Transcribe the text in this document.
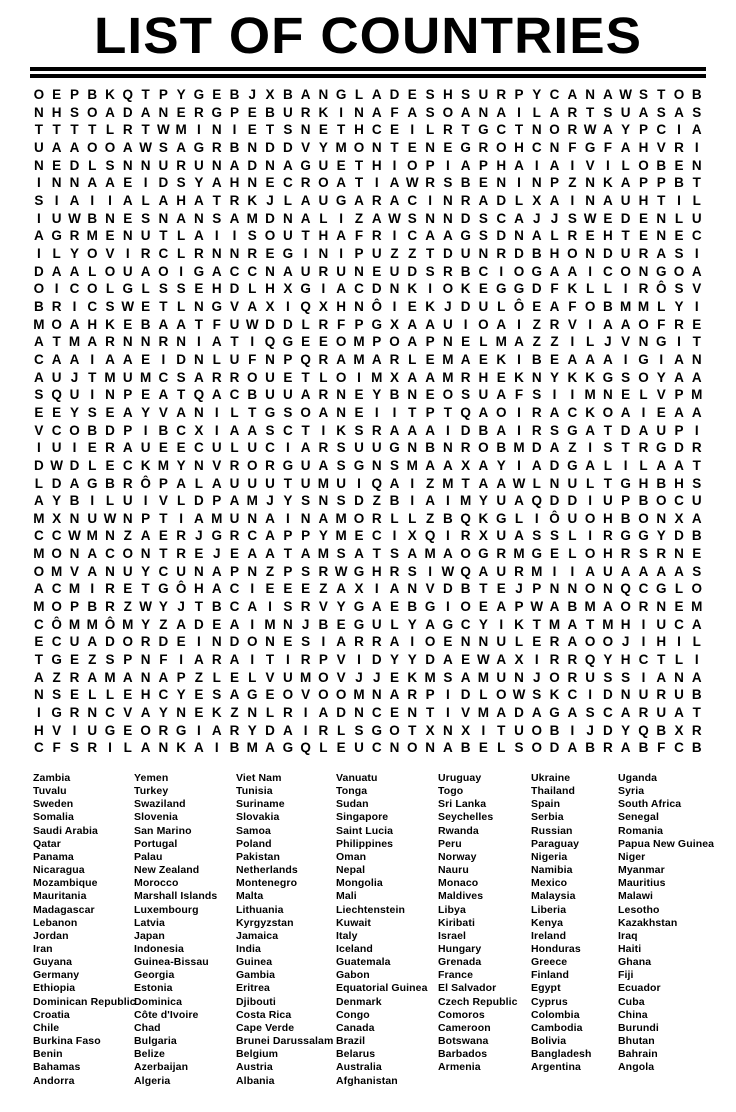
LIST OF COUNTRIES
O E P B K Q T P Y G E B J X B A N G L A D E S H S U R P Y C A N A W S T O B
N H S O A D A N E R G P E B U R K I N A F A S O A N A I L A R T S U A S A S
T T T T L R T W M I N I E T S N E T H C E I L R T G C T N O R W A Y P C I A
U A A O O A W S A G R B N D D V Y M O N T E N E G R O H C N F G F A H V R I
N E D L S N N U R U N A D N A G U E T H I O P I A P H A I A I V I L O B E N
I N N A A E I D S Y A H N E C R O A T I A W R S B E N I N P Z N K A P P B T
S I A I	I A L A H A T R K J L A U G A R A C I N R A D L X A I N A U H T I L
I U W B N E S N A N S A M D N A L I Z A W S N N D S C A J J S W E D E N L U
A G R M E N U T L A I	I S O U T H A F R I C A A G S D N A L R E H T E N E C
I L Y O V I R C L R N N R E G I N I P U Z Z T D U N R D B H O N D U R A S I
D A A L O U A O I G A C C N A U R U N E U D S R B C I O G A A I C O N G O A
O I C O L G L S S E H D L H X G I A C D N K I O K E G G D F K L L I R Ô S V
B R I C S W E T L N G V A X I Q X H N Ô I E K J D U L Ô E A F O B M M L Y I
M O A H K E B A A T F U W D D L R F P G X A A U I O A I Z R V I A A O F R E
A T M A R N N R N I A T I Q G E E O M P O A P N E L M A Z Z I L J V N G I T
C A A I A A E I D N L U F N P Q R A M A R L E M A E K I B E A A A I G I A N
A U J T M U M C S A R R O U E T L O I M X A A M R H E K N Y K K G S O Y A A
S Q U I N P E A T Q A C B U U A R N E Y B N E O S U A F S I	I M N E L V P M
E E Y S E A Y V A N I L T G S O A N E I	I T P T Q A O I R A C K O A I E A A
V C O B D P I B C X I A A S C T I K S R A A A I D B A I R S G A T D A U P I
I U I E R A U E E C U L U C I A R S U U G N B N R O B M D A Z I S T R G D R
D W D L E C K M Y N V R O R G U A S G N S M A A X A Y I A D G A L I L A A T
L D A G B R Ô P A L A U U U T U M U I Q A I Z M T A A W L N U L T G H B H S
A Y B I L U I V L D P A M J Y S N S D Z B I A I M Y U A Q D D I U P B O C U
M X N U W N P T I A M U N A I N A M O R L L Z B Q K G L I Ô U O H B O N X A
C C W M N Z A E R J G R C A P P Y M E C I X Q I R X U A S S L I R G G Y D B
M O N A C O N T R E J E A A T A M S A T S A M A O G R M G E L O H R S R N E
O M V A N U Y C U N A P N Z P S R W G H R S I W Q A U R M I	I A U A A A A S
A C M I R E T G Ô H A C I E E E Z A X I A N V D B T E J P N N O N Q C G L O
M O P B R Z W Y J T B C A I S R V Y G A E B G I O E A P W A B M A O R N E M
C Ô M M Ô M Y Z A D E A I M N J B E G U L Y A G C Y I K T M A T M H I U C A
E C U A D O R D E I N D O N E S I A R R A I O E N N U L E R A O O J I H I L
T G E Z S P N F I A R A I T I R P V I D Y Y D A E W A X I R R Q Y H C T L I
A Z R A M A N A P Z L E L V U M O V J J E K M S A M U N J O R U S S I A N A
N S E L L E H C Y E S A G E O V O O M N A R P I D L O W S K C I D N U R U B
I G R N C V A Y N E K Z N L R I A D N C E N T I V M A D A G A S C A R U A T
H V I U G E O R G I A R Y D A I R L S G O T X N X I T U O B I J D Y Q B X R
C F S R I L A N K A I B M A G Q L E U C N O N A B E L S O D A B R A B F C B
Zambia
Tuvalu
Sweden
Somalia
Saudi Arabia
Qatar
Panama
Nicaragua
Mozambique
Mauritania
Madagascar
Lebanon
Jordan
Iran
Guyana
Germany
Ethiopia
Dominican Republic
Croatia
Chile
Burkina Faso
Benin
Bahamas
Andorra
Yemen
Turkey
Swaziland
Slovenia
San Marino
Portugal
Palau
New Zealand
Morocco
Marshall Islands
Luxembourg
Latvia
Japan
Indonesia
Guinea-Bissau
Georgia
Estonia
Dominica
Côte d'Ivoire
Chad
Bulgaria
Belize
Azerbaijan
Algeria
Viet Nam
Tunisia
Suriname
Slovakia
Samoa
Poland
Pakistan
Netherlands
Montenegro
Malta
Lithuania
Kyrgyzstan
Jamaica
India
Guinea
Gambia
Eritrea
Djibouti
Costa Rica
Cape Verde
Brunei Darussalam
Belgium
Austria
Albania
Vanuatu
Tonga
Sudan
Singapore
Saint Lucia
Philippines
Oman
Nepal
Mongolia
Mali
Liechtenstein
Kuwait
Italy
Iceland
Guatemala
Gabon
Equatorial Guinea
Denmark
Congo
Canada
Brazil
Belarus
Australia
Afghanistan
Uruguay
Togo
Sri Lanka
Seychelles
Rwanda
Peru
Norway
Nauru
Monaco
Maldives
Libya
Kiribati
Israel
Hungary
Grenada
France
El Salvador
Czech Republic
Comoros
Cameroon
Botswana
Barbados
Armenia
Ukraine
Thailand
Spain
Serbia
Russian
Paraguay
Nigeria
Namibia
Mexico
Malaysia
Liberia
Kenya
Ireland
Honduras
Greece
Finland
Egypt
Cyprus
Colombia
Cambodia
Bolivia
Bangladesh
Argentina
Uganda
Syria
South Africa
Senegal
Romania
Papua New Guinea
Niger
Myanmar
Mauritius
Malawi
Lesotho
Kazakhstan
Iraq
Haiti
Ghana
Fiji
Ecuador
Cuba
China
Burundi
Bhutan
Bahrain
Angola
